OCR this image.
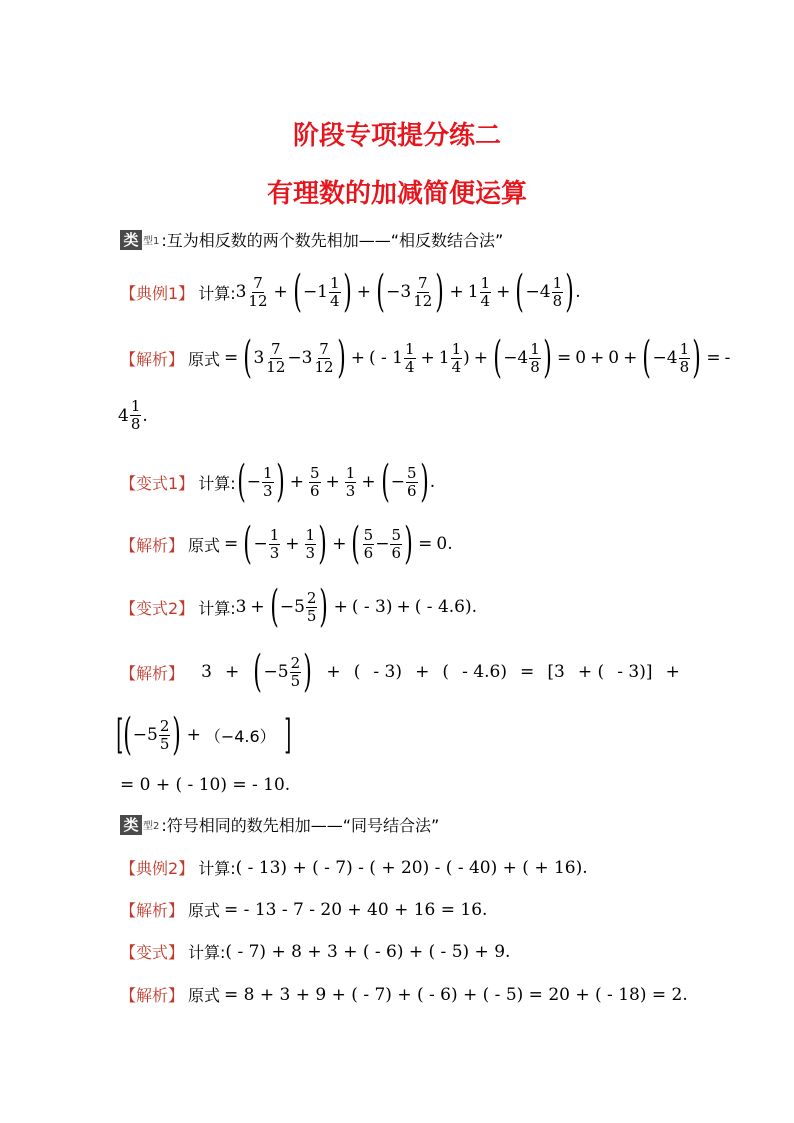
阶段专项提分练二
有理数的加减简便运算
类 型1 :互为相反数的两个数先相加——“相反数结合法”
【典例1】 计算: $3 \frac{7}{12}$ + ( $-1 \frac{1}{4}$ ) + ( $-3 \frac{7}{12}$ ) + $1 \frac{1}{4}$ + ( $-4 \frac{1}{8}$ ) .
【解析】 原式 = ( $3 \frac{7}{12} -3 \frac{7}{12}$ ) + ( - $1 \frac{1}{4} + 1 \frac{1}{4}$ ) + ( $-4 \frac{1}{8}$ ) = 0 + 0 + ( $-4 \frac{1}{8}$ ) = -
$4 \frac{1}{8}$ .
【变式1】 计算: ( − $\frac{1}{3}$ ) + $\frac{5}{6} + \frac{1}{3}$ + ( − $\frac{5}{6}$ ) .
【解析】 原式 = ( − $\frac{1}{3} + \frac{1}{3}$ ) + ( $\frac{5}{6} - \frac{5}{6}$ ) = 0.
【变式2】 计算: 3 + ( $-5 \frac{2}{5}$ ) + ( - 3) + ( - 4.6).
【解析】 3 + ( $-5 \frac{2}{5}$ ) + ( - 3) + ( - 4.6) = [3 + ( - 3)] +
[ ( $-5 \frac{2}{5}$ ) + （−4.6） ]
= 0 + ( - 10) = - 10.
类 型2 :符号相同的数先相加——“同号结合法”
【典例2】 计算: ( - 13) + ( - 7) - ( + 20) - ( - 40) + ( + 16).
【解析】 原式 = - 13 - 7 - 20 + 40 + 16 = 16.
【变式】 计算: ( - 7) + 8 + 3 + ( - 6) + ( - 5) + 9.
【解析】 原式 = 8 + 3 + 9 + ( - 7) + ( - 6) + ( - 5) = 20 + ( - 18) = 2.
